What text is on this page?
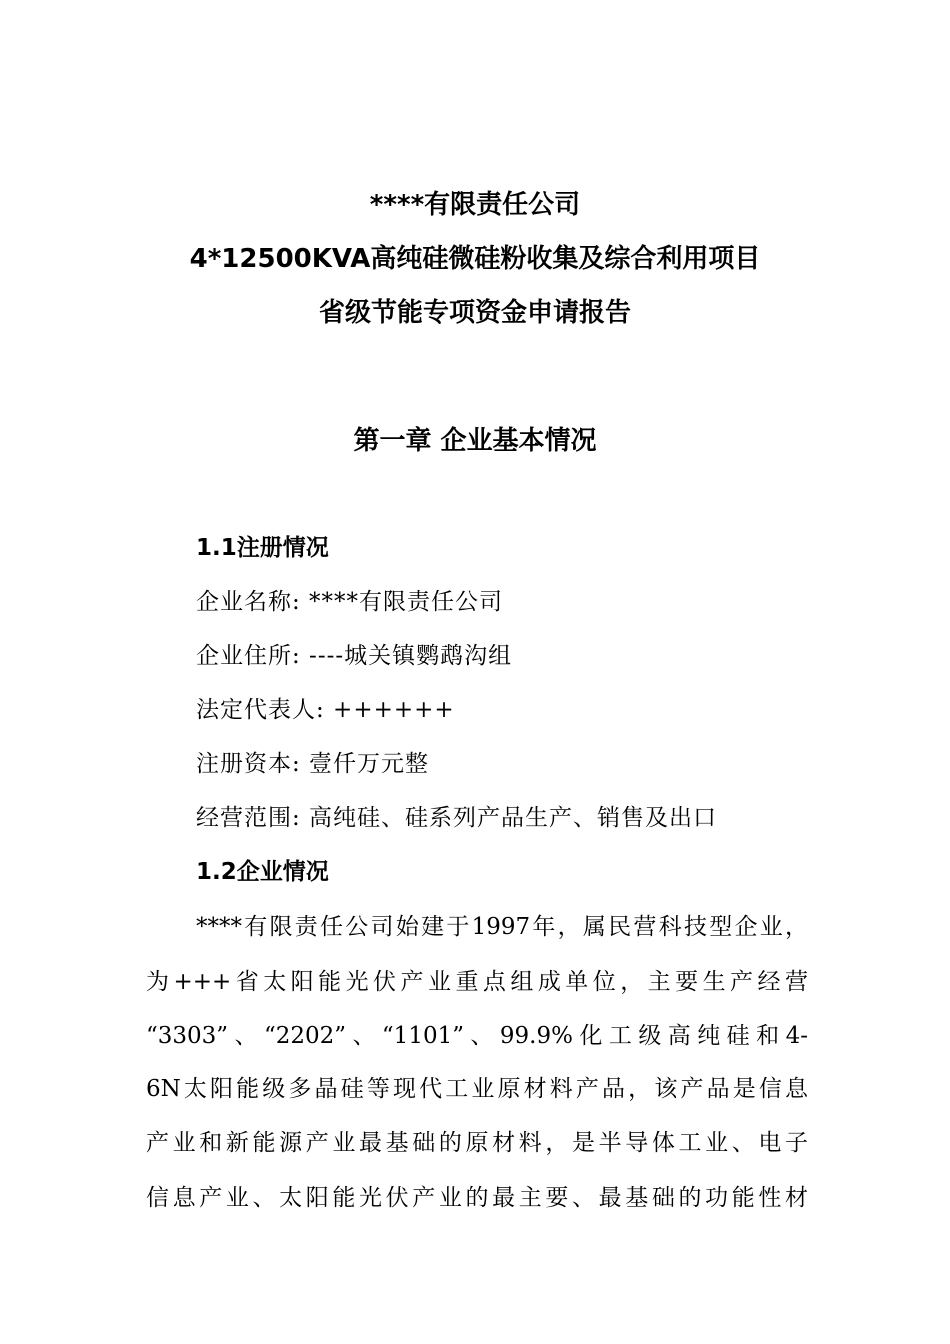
****有限责任公司
4*12500KVA高纯硅微硅粉收集及综合利用项目
省级节能专项资金申请报告
第一章 企业基本情况
1.1注册情况
企业名称: ****有限责任公司
企业住所: ----城关镇鹦鹉沟组
法定代表人: ++++++
注册资本: 壹仟万元整
经营范围: 高纯硅、硅系列产品生产、销售及出口
1.2企业情况
****有限责任公司始建于1997年，属民营科技型企业，
为+++省太阳能光伏产业重点组成单位，主要生产经营
“3303”、“2202”、“1101”、99.9%化工级高纯硅和4-
6N太阳能级多晶硅等现代工业原材料产品，该产品是信息
产业和新能源产业最基础的原材料，是半导体工业、电子
信息产业、太阳能光伏产业的最主要、最基础的功能性材
